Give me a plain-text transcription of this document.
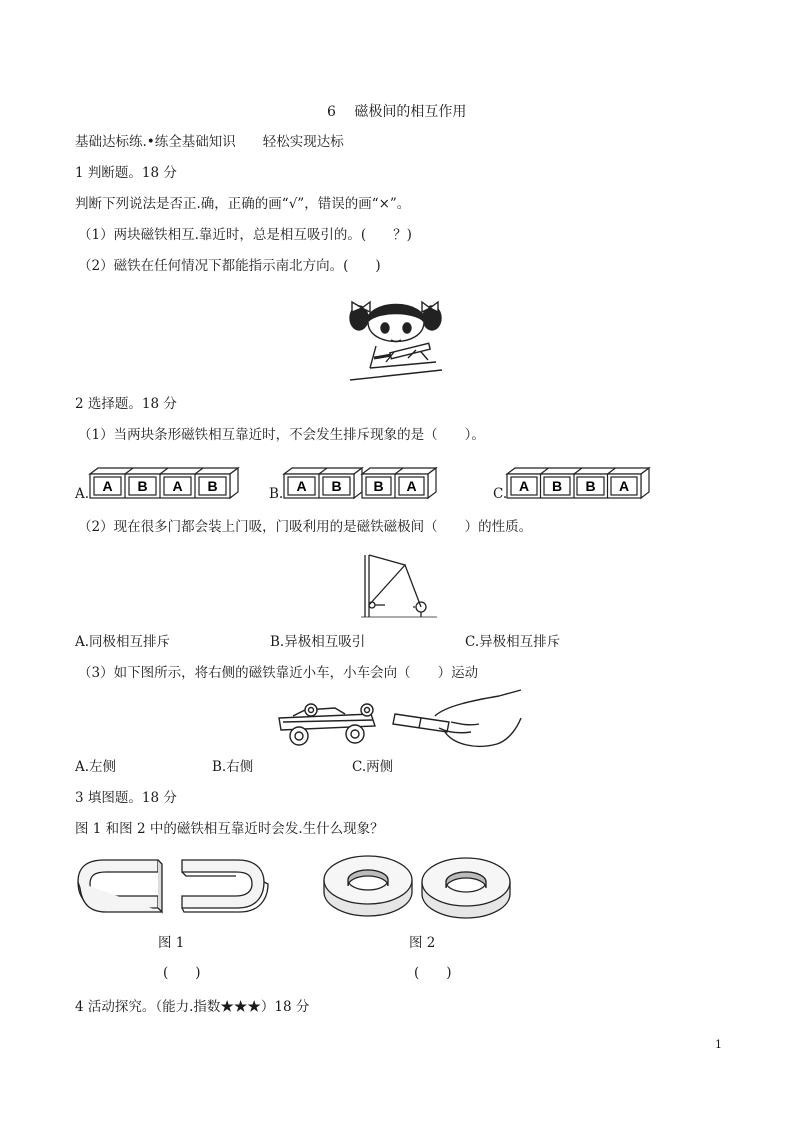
6　 磁极间的相互作用
基础达标练.•练全基础知识　　轻松实现达标
1 判断题。18 分
判断下列说法是否正.确，正确的画“√”，错误的画“×”。
（1）两块磁铁相互.靠近时，总是相互吸引的。(　　？)
（2）磁铁在任何情况下都能指示南北方向。(　　)
2 选择题。18 分
（1）当两块条形磁铁相互靠近时，不会发生排斥现象的是（　　）。
A. A B A B	B. A B B A	C. A B B A
（2）现在很多门都会装上门吸，门吸利用的是磁铁磁极间（　　）的性质。
A.同极相互排斥	B.异极相互吸引	C.异极相互排斥
（3）如下图所示，将右侧的磁铁靠近小车，小车会向（　　）运动
A.左侧	B.右侧	C.两侧
3 填图题。18 分
图 1 和图 2 中的磁铁相互靠近时会发.生什么现象？
图 1	图 2
(　　)	(　　)
4 活动探究。（能力.指数★★★）18 分
1
